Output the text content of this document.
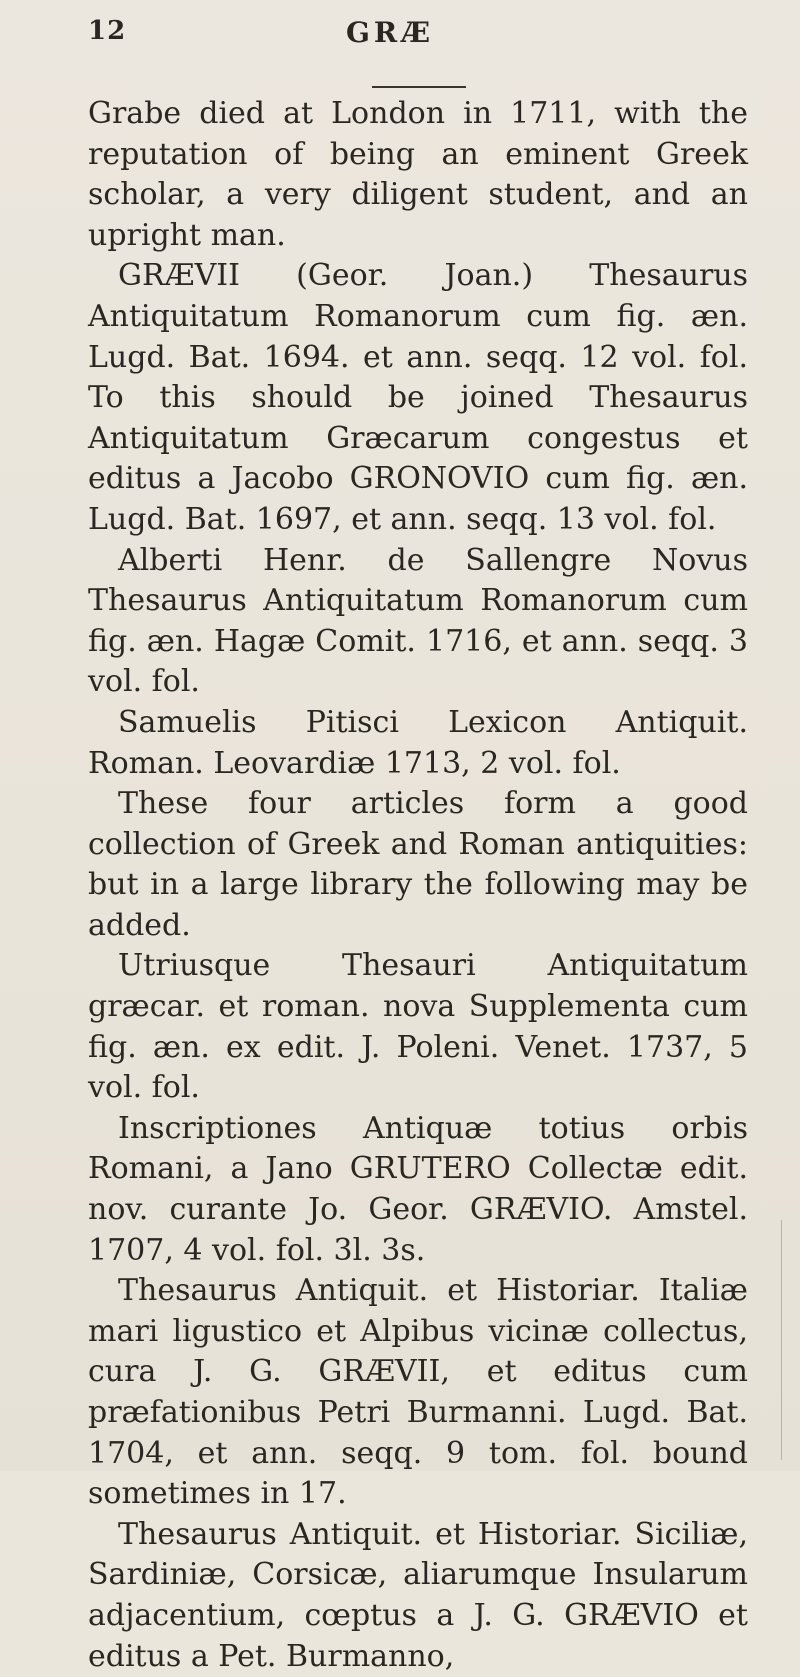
12	GRÆ

Grabe died at London in 1711, with the reputation of being an eminent Greek scholar, a very diligent student, and an upright man.

GRÆVII (Geor. Joan.) Thesaurus Antiquitatum Romanorum cum fig. æn. Lugd. Bat. 1694. et ann. seqq. 12 vol. fol. To this should be joined Thesaurus Antiquitatum Græcarum congestus et editus a Jacobo GRONOVIO cum fig. æn. Lugd. Bat. 1697, et ann. seqq. 13 vol. fol.

Alberti Henr. de Sallengre Novus Thesaurus Antiquitatum Romanorum cum fig. æn. Hagæ Comit. 1716, et ann. seqq. 3 vol. fol.

Samuelis Pitisci Lexicon Antiquit. Roman. Leovardiæ 1713, 2 vol. fol.

These four articles form a good collection of Greek and Roman antiquities: but in a large library the following may be added.

Utriusque Thesauri Antiquitatum græcar. et roman. nova Supplementa cum fig. æn. ex edit. J. Poleni. Venet. 1737, 5 vol. fol.

Inscriptiones Antiquæ totius orbis Romani, a Jano GRUTERO Collectæ edit. nov. curante Jo. Geor. GRÆVIO. Amstel. 1707, 4 vol. fol. 3l. 3s.

Thesaurus Antiquit. et Historiar. Italiæ mari ligustico et Alpibus vicinæ collectus, cura J. G. GRÆVII, et editus cum præfationibus Petri Burmanni. Lugd. Bat. 1704, et ann. seqq. 9 tom. fol. bound sometimes in 17.

Thesaurus Antiquit. et Historiar. Siciliæ, Sardiniæ, Corsicæ, aliarumque Insularum adjacentium, cœptus a J. G. GRÆVIO et editus a Pet. Burmanno,
